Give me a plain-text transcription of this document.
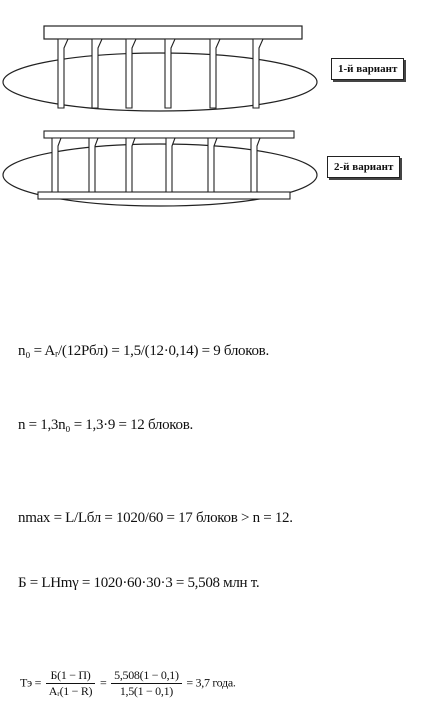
1-й вариант
2-й вариант
n₀ = Aᵣ/(12Pбл) = 1,5/(12·0,14) = 9 блоков.
n = 1,3n₀ = 1,3·9 = 12 блоков.
nmax = L/Lбл = 1020/60 = 17 блоков > n = 12.
Б = LHmγ = 1020·60·30·3 = 5,508 млн т.
Tэ = $\frac{Б(1 - П)}{\text{Aᵣ(1 − R)}} = \frac{5,508(1 - 0,1)}{1,5(1 - 0,1)} = 3,7$ года.
